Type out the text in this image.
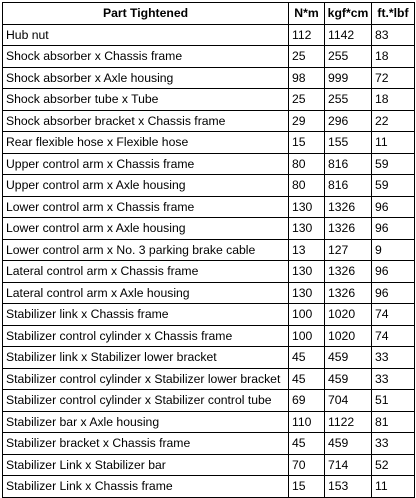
Part Tightened	N*m	kgf*cm	ft.*lbf
Hub nut	112	1142	83
Shock absorber x Chassis frame	25	255	18
Shock absorber x Axle housing	98	999	72
Shock absorber tube x Tube	25	255	18
Shock absorber bracket x Chassis frame	29	296	22
Rear flexible hose x Flexible hose	15	155	11
Upper control arm x Chassis frame	80	816	59
Upper control arm x Axle housing	80	816	59
Lower control arm x Chassis frame	130	1326	96
Lower control arm x Axle housing	130	1326	96
Lower control arm x No. 3 parking brake cable	13	127	9
Lateral control arm x Chassis frame	130	1326	96
Lateral control arm x Axle housing	130	1326	96
Stabilizer link x Chassis frame	100	1020	74
Stabilizer control cylinder x Chassis frame	100	1020	74
Stabilizer link x Stabilizer lower bracket	45	459	33
Stabilizer control cylinder x Stabilizer lower bracket	45	459	33
Stabilizer control cylinder x Stabilizer control tube	69	704	51
Stabilizer bar x Axle housing	110	1122	81
Stabilizer bracket x Chassis frame	45	459	33
Stabilizer Link x Stabilizer bar	70	714	52
Stabilizer Link x Chassis frame	15	153	11
